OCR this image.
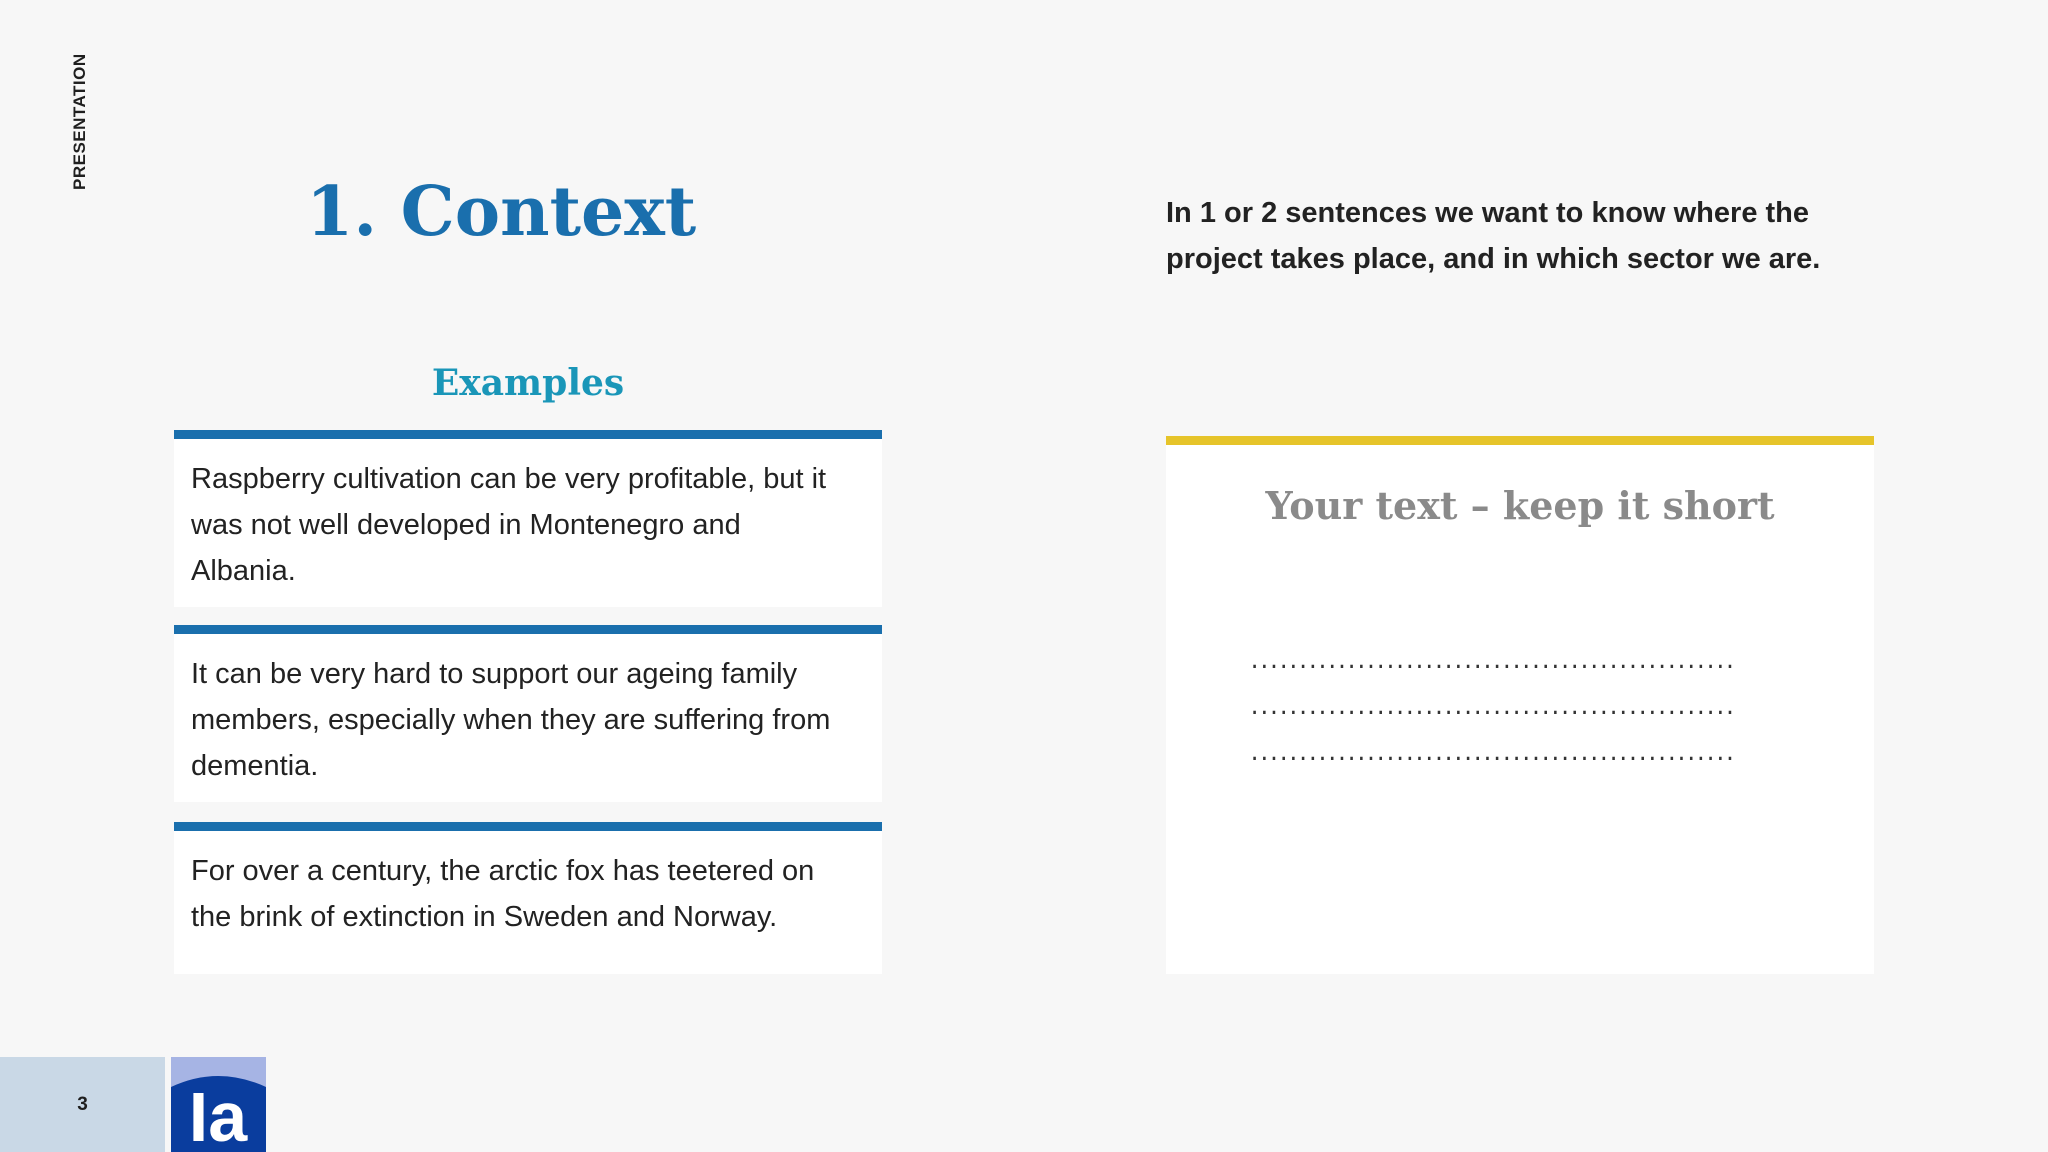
PRESENTATION
1. Context
Examples
Raspberry cultivation can be very profitable, but it was not well developed in Montenegro and Albania.
It can be very hard to support our ageing family members, especially when they are suffering from dementia.
For over a century, the arctic fox has teetered on the brink of extinction in Sweden and Norway.

In 1 or 2 sentences we want to know where the project takes place, and in which sector we are.

Your text – keep it short
..................................................
..................................................
..................................................
3 Ia
